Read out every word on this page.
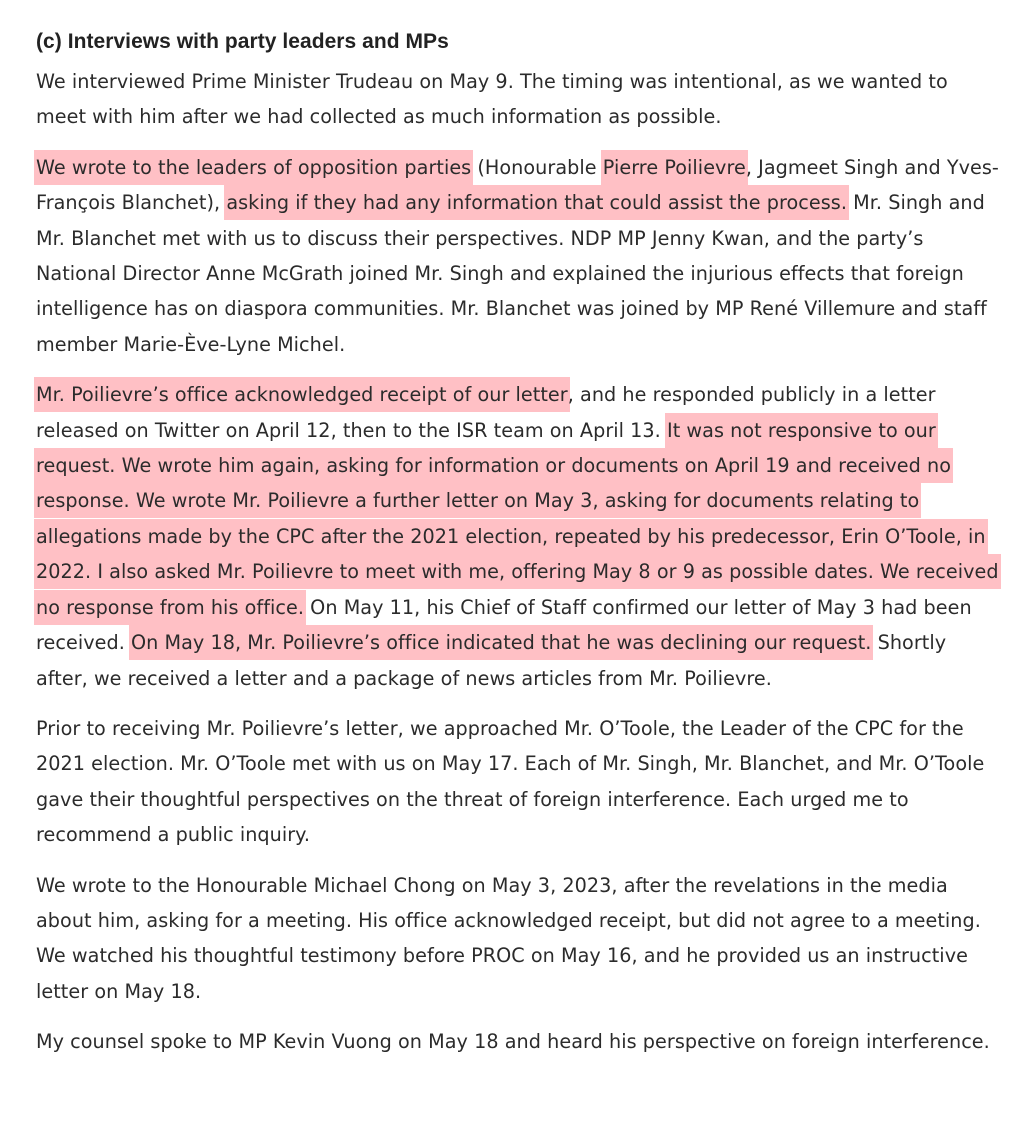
(c) Interviews with party leaders and MPs

We interviewed Prime Minister Trudeau on May 9. The timing was intentional, as we wanted to meet with him after we had collected as much information as possible.

We wrote to the leaders of opposition parties (Honourable Pierre Poilievre, Jagmeet Singh and Yves-François Blanchet), asking if they had any information that could assist the process. Mr. Singh and Mr. Blanchet met with us to discuss their perspectives. NDP MP Jenny Kwan, and the party’s National Director Anne McGrath joined Mr. Singh and explained the injurious effects that foreign intelligence has on diaspora communities. Mr. Blanchet was joined by MP René Villemure and staff member Marie-Ève-Lyne Michel.

Mr. Poilievre’s office acknowledged receipt of our letter, and he responded publicly in a letter released on Twitter on April 12, then to the ISR team on April 13. It was not responsive to our request. We wrote him again, asking for information or documents on April 19 and received no response. We wrote Mr. Poilievre a further letter on May 3, asking for documents relating to allegations made by the CPC after the 2021 election, repeated by his predecessor, Erin O’Toole, in 2022. I also asked Mr. Poilievre to meet with me, offering May 8 or 9 as possible dates. We received no response from his office. On May 11, his Chief of Staff confirmed our letter of May 3 had been received. On May 18, Mr. Poilievre’s office indicated that he was declining our request. Shortly after, we received a letter and a package of news articles from Mr. Poilievre.

Prior to receiving Mr. Poilievre’s letter, we approached Mr. O’Toole, the Leader of the CPC for the 2021 election. Mr. O’Toole met with us on May 17. Each of Mr. Singh, Mr. Blanchet, and Mr. O’Toole gave their thoughtful perspectives on the threat of foreign interference. Each urged me to recommend a public inquiry.

We wrote to the Honourable Michael Chong on May 3, 2023, after the revelations in the media about him, asking for a meeting. His office acknowledged receipt, but did not agree to a meeting. We watched his thoughtful testimony before PROC on May 16, and he provided us an instructive letter on May 18.

My counsel spoke to MP Kevin Vuong on May 18 and heard his perspective on foreign interference.
